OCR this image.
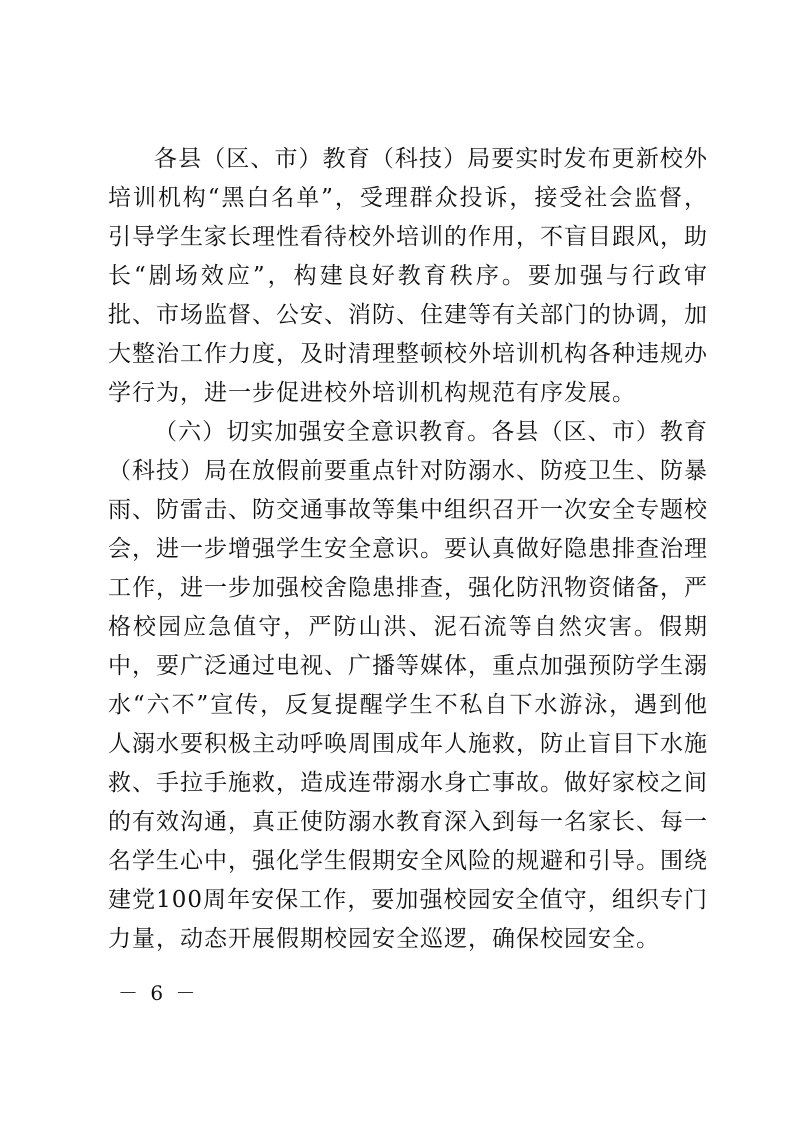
各县（区、市）教育（科技）局要实时发布更新校外培训机构“黑白名单”，受理群众投诉，接受社会监督，引导学生家长理性看待校外培训的作用，不盲目跟风，助长“剧场效应”，构建良好教育秩序。要加强与行政审批、市场监督、公安、消防、住建等有关部门的协调，加大整治工作力度，及时清理整顿校外培训机构各种违规办学行为，进一步促进校外培训机构规范有序发展。

（六）切实加强安全意识教育。各县（区、市）教育（科技）局在放假前要重点针对防溺水、防疫卫生、防暴雨、防雷击、防交通事故等集中组织召开一次安全专题校会，进一步增强学生安全意识。要认真做好隐患排查治理工作，进一步加强校舍隐患排查，强化防汛物资储备，严格校园应急值守，严防山洪、泥石流等自然灾害。假期中，要广泛通过电视、广播等媒体，重点加强预防学生溺水“六不”宣传，反复提醒学生不私自下水游泳，遇到他人溺水要积极主动呼唤周围成年人施救，防止盲目下水施救、手拉手施救，造成连带溺水身亡事故。做好家校之间的有效沟通，真正使防溺水教育深入到每一名家长、每一名学生心中，强化学生假期安全风险的规避和引导。围绕建党100周年安保工作，要加强校园安全值守，组织专门力量，动态开展假期校园安全巡逻，确保校园安全。

－ 6 －
